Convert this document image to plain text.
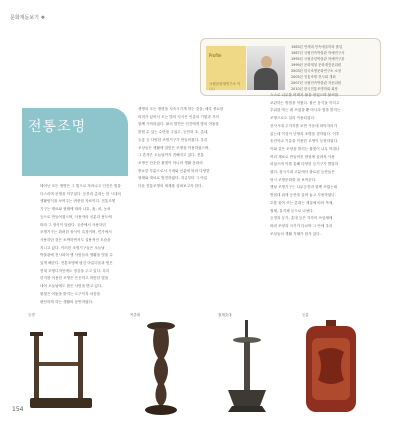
문화재돋보기 ❖
Profile
국립문화재연구소 이○○
1983년 연세대 민속예술학과 졸업
1987년 국립민속박물관 학예연구사
1995년 국립중앙박물관 학예연구관
1999년 문화재청 문화재전문위원
2003년 한국조명문화연구소 소장
2005년 전통조명 전시회 개최
2007년 국립민속박물관 자문위원
2010년 한국전통조명학회 회장
전통조명
생명의 모든 생명을 지속시키게 하는 것을, 매우 중요한
의미가 있어서 오는 빛의 지식은 인류의 기원과 거의
함께 시작되었다. 불의 발견은 인간에게 밤의 어둠을
밝힐 수 있는 수단을 주었고, 등잔과 초, 촛대,
등롱 등 다양한 조명기구가 만들어졌다. 우리
조상들은 생활에 알맞은 조명을 이용하였으며,
그 흔적은 오늘날까지 전해지고 있다. 전통
조명은 단순한 불빛이 아니라 생활 문화의
중요한 부분으로서 시대와 신분에 따라 다양한
형태와 재료로 발전하였다. 지금부터 그 아름
다운 전통조명의 세계를 살펴보고자 한다.
스스로 나무를 비벼서 불을 얻었으며 불씨를
보관하는 방법을 익혔다. 불은 음식을 익히고
추위를 막는 데 쓰였을 뿐 아니라 밤을 밝히는
조명으로도 널리 이용되었다.
선사시대 주거지를 보면 가운데 화덕자리가
있는데 이것이 난방과 조명을 겸하였다. 이후
송진이나 기름을 이용한 조명이 등장하였다.
이와 같은 모양을 밝히는 불빛이 나무 막대나
여러 재료로 만들어진 받침에 올려져 사용
되었으며 이를 통해 다양한 등기구가 발달하
였다. 삼국시대 고분에서 출토된 등잔들은
당시 조명문화를 잘 보여준다.
옛날 조명기구는 나무등잔과 함께 쓰였는데
받침대 위에 등잔을 올려 놓고 사용하였다.
초를 꽂아 쓰는 촛대는 재질에 따라 목제,
철제, 유기제 등으로 나뉜다.
등경과 등가, 촛대 등은 각각의 쓰임새에
따라 모양과 크기가 다르며 그 안에 우리
조상들의 생활 지혜가 담겨 있다.
태어난 모든 생명은 그 빛으로 자라나고 인간은 빛을
다스리며 문명을 이루었다. 등잔과 촛대는 한 시대의
생활양식을 보여주는 귀중한 자료이다. 전통조명
기구는 재료와 형태에 따라 나무, 흙, 쇠, 놋쇠
등으로 만들어졌으며, 사용자의 신분과 용도에
따라 그 장식이 달랐다. 궁중에서 사용하던
조명기구는 화려한 장식이 특징이며, 민가에서
사용하던 것은 소박하면서도 실용적인 모습을
지니고 있다. 이러한 조명기구들은 오늘날
박물관에 전시되어 옛 사람들의 생활을 엿볼 수
있게 해준다. 전통조명에 담긴 아름다움과 멋은
현대 조명디자인에도 영감을 주고 있다. 특히
한지를 이용한 조명은 은은하고 따뜻한 빛을
내어 오늘날에도 많은 사랑을 받고 있다.
불빛은 어둠을 밝히는 도구이자 마음을
편안하게 하는 생활의 동반자였다.
등경	목촛대	철제촛대	등롱
154
